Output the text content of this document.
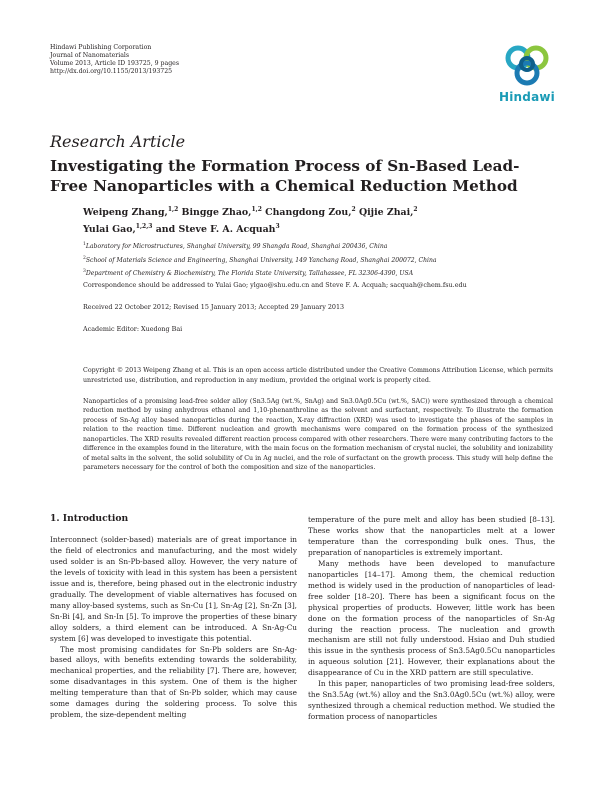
Hindawi Publishing Corporation
Journal of Nanomaterials
Volume 2013, Article ID 193725, 9 pages
http://dx.doi.org/10.1155/2013/193725
Hindawi
Research Article
Investigating the Formation Process of Sn-Based Lead-Free Nanoparticles with a Chemical Reduction Method
Weipeng Zhang,$^{1,2}$ Bingge Zhao,$^{1,2}$ Changdong Zou,$^2$ Qijie Zhai,$^2$
Yulai Gao,$^{1,2,3}$ and Steve F. A. Acquah$^3$
$^1$Laboratory for Microstructures, Shanghai University, 99 Shangda Road, Shanghai 200436, China
$^2$School of Materials Science and Engineering, Shanghai University, 149 Yanchang Road, Shanghai 200072, China
$^3$Department of Chemistry & Biochemistry, The Florida State University, Tallahassee, FL 32306-4390, USA
Correspondence should be addressed to Yulai Gao; ylgao@shu.edu.cn and Steve F. A. Acquah; sacquah@chem.fsu.edu
Received 22 October 2012; Revised 15 January 2013; Accepted 29 January 2013
Academic Editor: Xuedong Bai
Copyright © 2013 Weipeng Zhang et al. This is an open access article distributed under the Creative Commons Attribution License, which permits unrestricted use, distribution, and reproduction in any medium, provided the original work is properly cited.
Nanoparticles of a promising lead-free solder alloy (Sn3.5Ag (wt.%, SnAg) and Sn3.0Ag0.5Cu (wt.%, SAC)) were synthesized through a chemical reduction method by using anhydrous ethanol and 1,10-phenanthroline as the solvent and surfactant, respectively. To illustrate the formation process of Sn-Ag alloy based nanoparticles during the reaction, X-ray diffraction (XRD) was used to investigate the phases of the samples in relation to the reaction time. Different nucleation and growth mechanisms were compared on the formation process of the synthesized nanoparticles. The XRD results revealed different reaction process compared with other researchers. There were many contributing factors to the difference in the examples found in the literature, with the main focus on the formation mechanism of crystal nuclei, the solubility and ionizability of metal salts in the solvent, the solid solubility of Cu in Ag nuclei, and the role of surfactant on the growth process. This study will help define the parameters necessary for the control of both the composition and size of the nanoparticles.
1. Introduction

Interconnect (solder-based) materials are of great importance in the field of electronics and manufacturing, and the most widely used solder is an Sn-Pb-based alloy. However, the very nature of the levels of toxicity with lead in this system has been a persistent issue and is, therefore, being phased out in the electronic industry gradually. The development of viable alternatives has focused on many alloy-based systems, such as Sn-Cu [1], Sn-Ag [2], Sn-Zn [3], Sn-Bi [4], and Sn-In [5]. To improve the properties of these binary alloy solders, a third element can be introduced. A Sn-Ag-Cu system [6] was developed to investigate this potential.

The most promising candidates for Sn-Pb solders are Sn-Ag-based alloys, with benefits extending towards the solderability, mechanical properties, and the reliability [7]. There are, however, some disadvantages in this system. One of them is the higher melting temperature than that of Sn-Pb solder, which may cause some damages during the soldering process. To solve this problem, the size-dependent melting

temperature of the pure melt and alloy has been studied [8–13]. These works show that the nanoparticles melt at a lower temperature than the corresponding bulk ones. Thus, the preparation of nanoparticles is extremely important.

Many methods have been developed to manufacture nanoparticles [14–17]. Among them, the chemical reduction method is widely used in the production of nanoparticles of lead-free solder [18–20]. There has been a significant focus on the physical properties of products. However, little work has been done on the formation process of the nanoparticles of Sn-Ag during the reaction process. The nucleation and growth mechanism are still not fully understood. Hsiao and Duh studied this issue in the synthesis process of Sn3.5Ag0.5Cu nanoparticles in aqueous solution [21]. However, their explanations about the disappearance of Cu in the XRD pattern are still speculative.

In this paper, nanoparticles of two promising lead-free solders, the Sn3.5Ag (wt.%) alloy and the Sn3.0Ag0.5Cu (wt.%) alloy, were synthesized through a chemical reduction method. We studied the formation process of nanoparticles
